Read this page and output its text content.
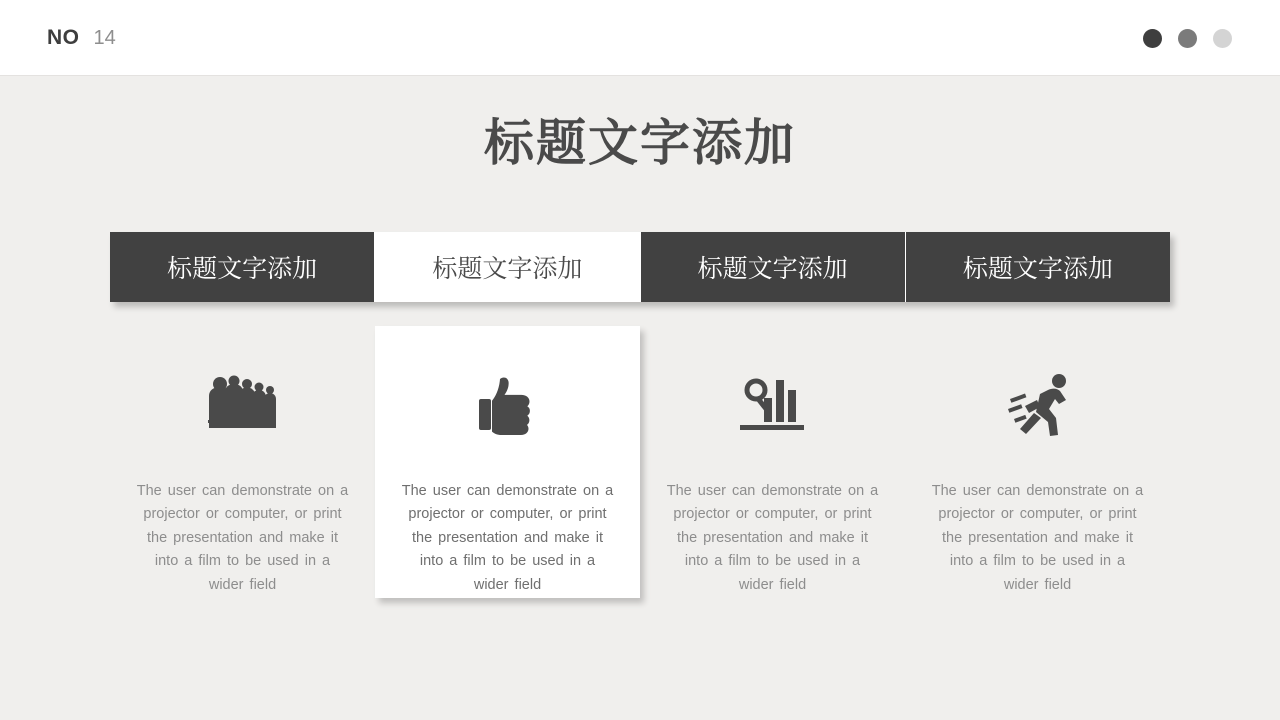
NO 14
标题文字添加
标题文字添加	标题文字添加	标题文字添加	标题文字添加
The user can demonstrate on a projector or computer, or print the presentation and make it into a film to be used in a wider field
The user can demonstrate on a projector or computer, or print the presentation and make it into a film to be used in a wider field
The user can demonstrate on a projector or computer, or print the presentation and make it into a film to be used in a wider field
The user can demonstrate on a projector or computer, or print the presentation and make it into a film to be used in a wider field
